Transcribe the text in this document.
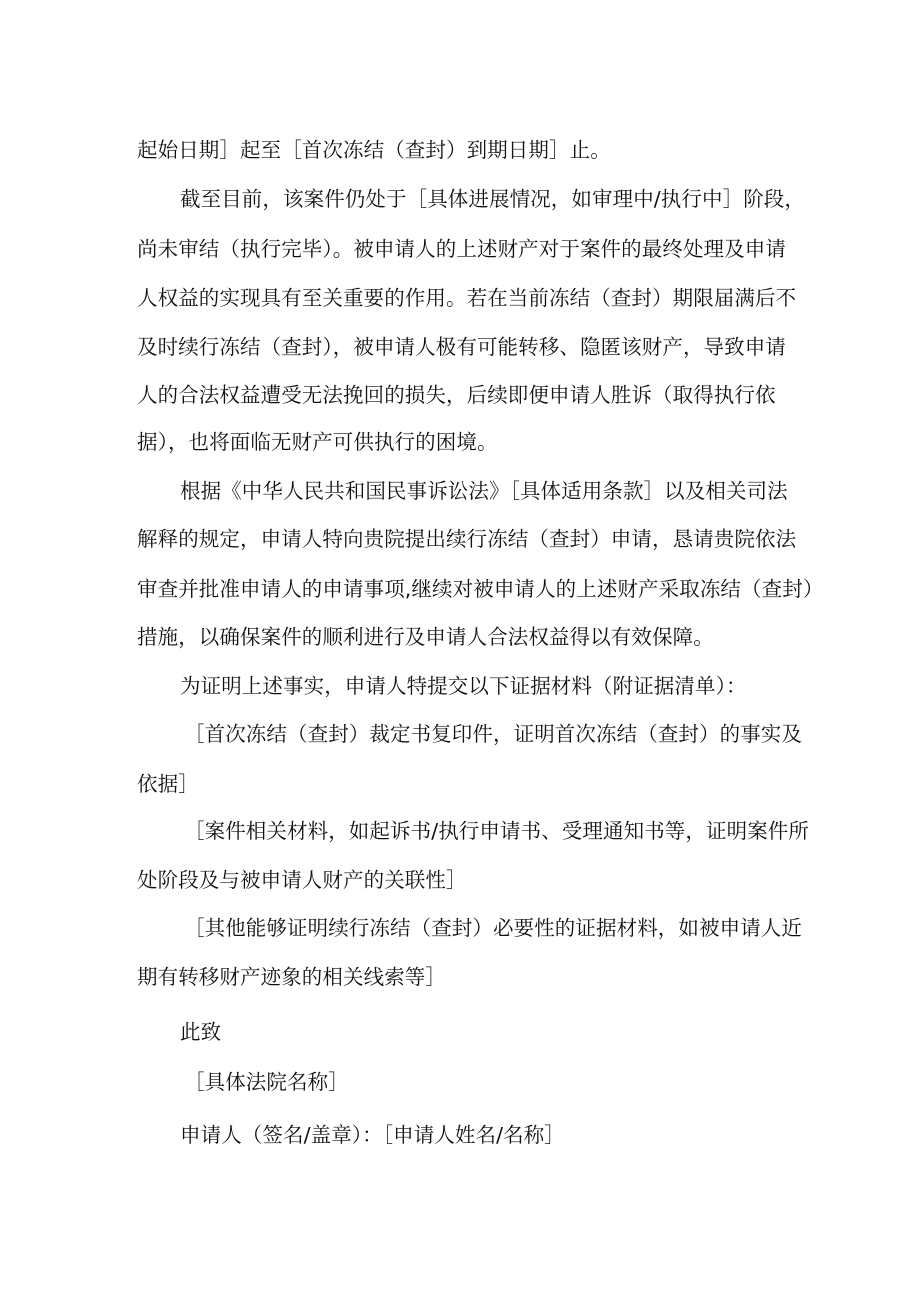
起始日期］起至［首次冻结（查封）到期日期］止。
截至目前，该案件仍处于［具体进展情况，如审理中/执行中］阶段，
尚未审结（执行完毕）。被申请人的上述财产对于案件的最终处理及申请
人权益的实现具有至关重要的作用。若在当前冻结（查封）期限届满后不
及时续行冻结（查封），被申请人极有可能转移、隐匿该财产，导致申请
人的合法权益遭受无法挽回的损失，后续即便申请人胜诉（取得执行依
据），也将面临无财产可供执行的困境。
根据《中华人民共和国民事诉讼法》［具体适用条款］以及相关司法
解释的规定，申请人特向贵院提出续行冻结（查封）申请，恳请贵院依法
审查并批准申请人的申请事项,继续对被申请人的上述财产采取冻结（查封）
措施，以确保案件的顺利进行及申请人合法权益得以有效保障。
为证明上述事实，申请人特提交以下证据材料（附证据清单）：
［首次冻结（查封）裁定书复印件，证明首次冻结（查封）的事实及
依据］
［案件相关材料，如起诉书/执行申请书、受理通知书等，证明案件所
处阶段及与被申请人财产的关联性］
［其他能够证明续行冻结（查封）必要性的证据材料，如被申请人近
期有转移财产迹象的相关线索等］
此致
［具体法院名称］
申请人（签名/盖章）：［申请人姓名/名称］
